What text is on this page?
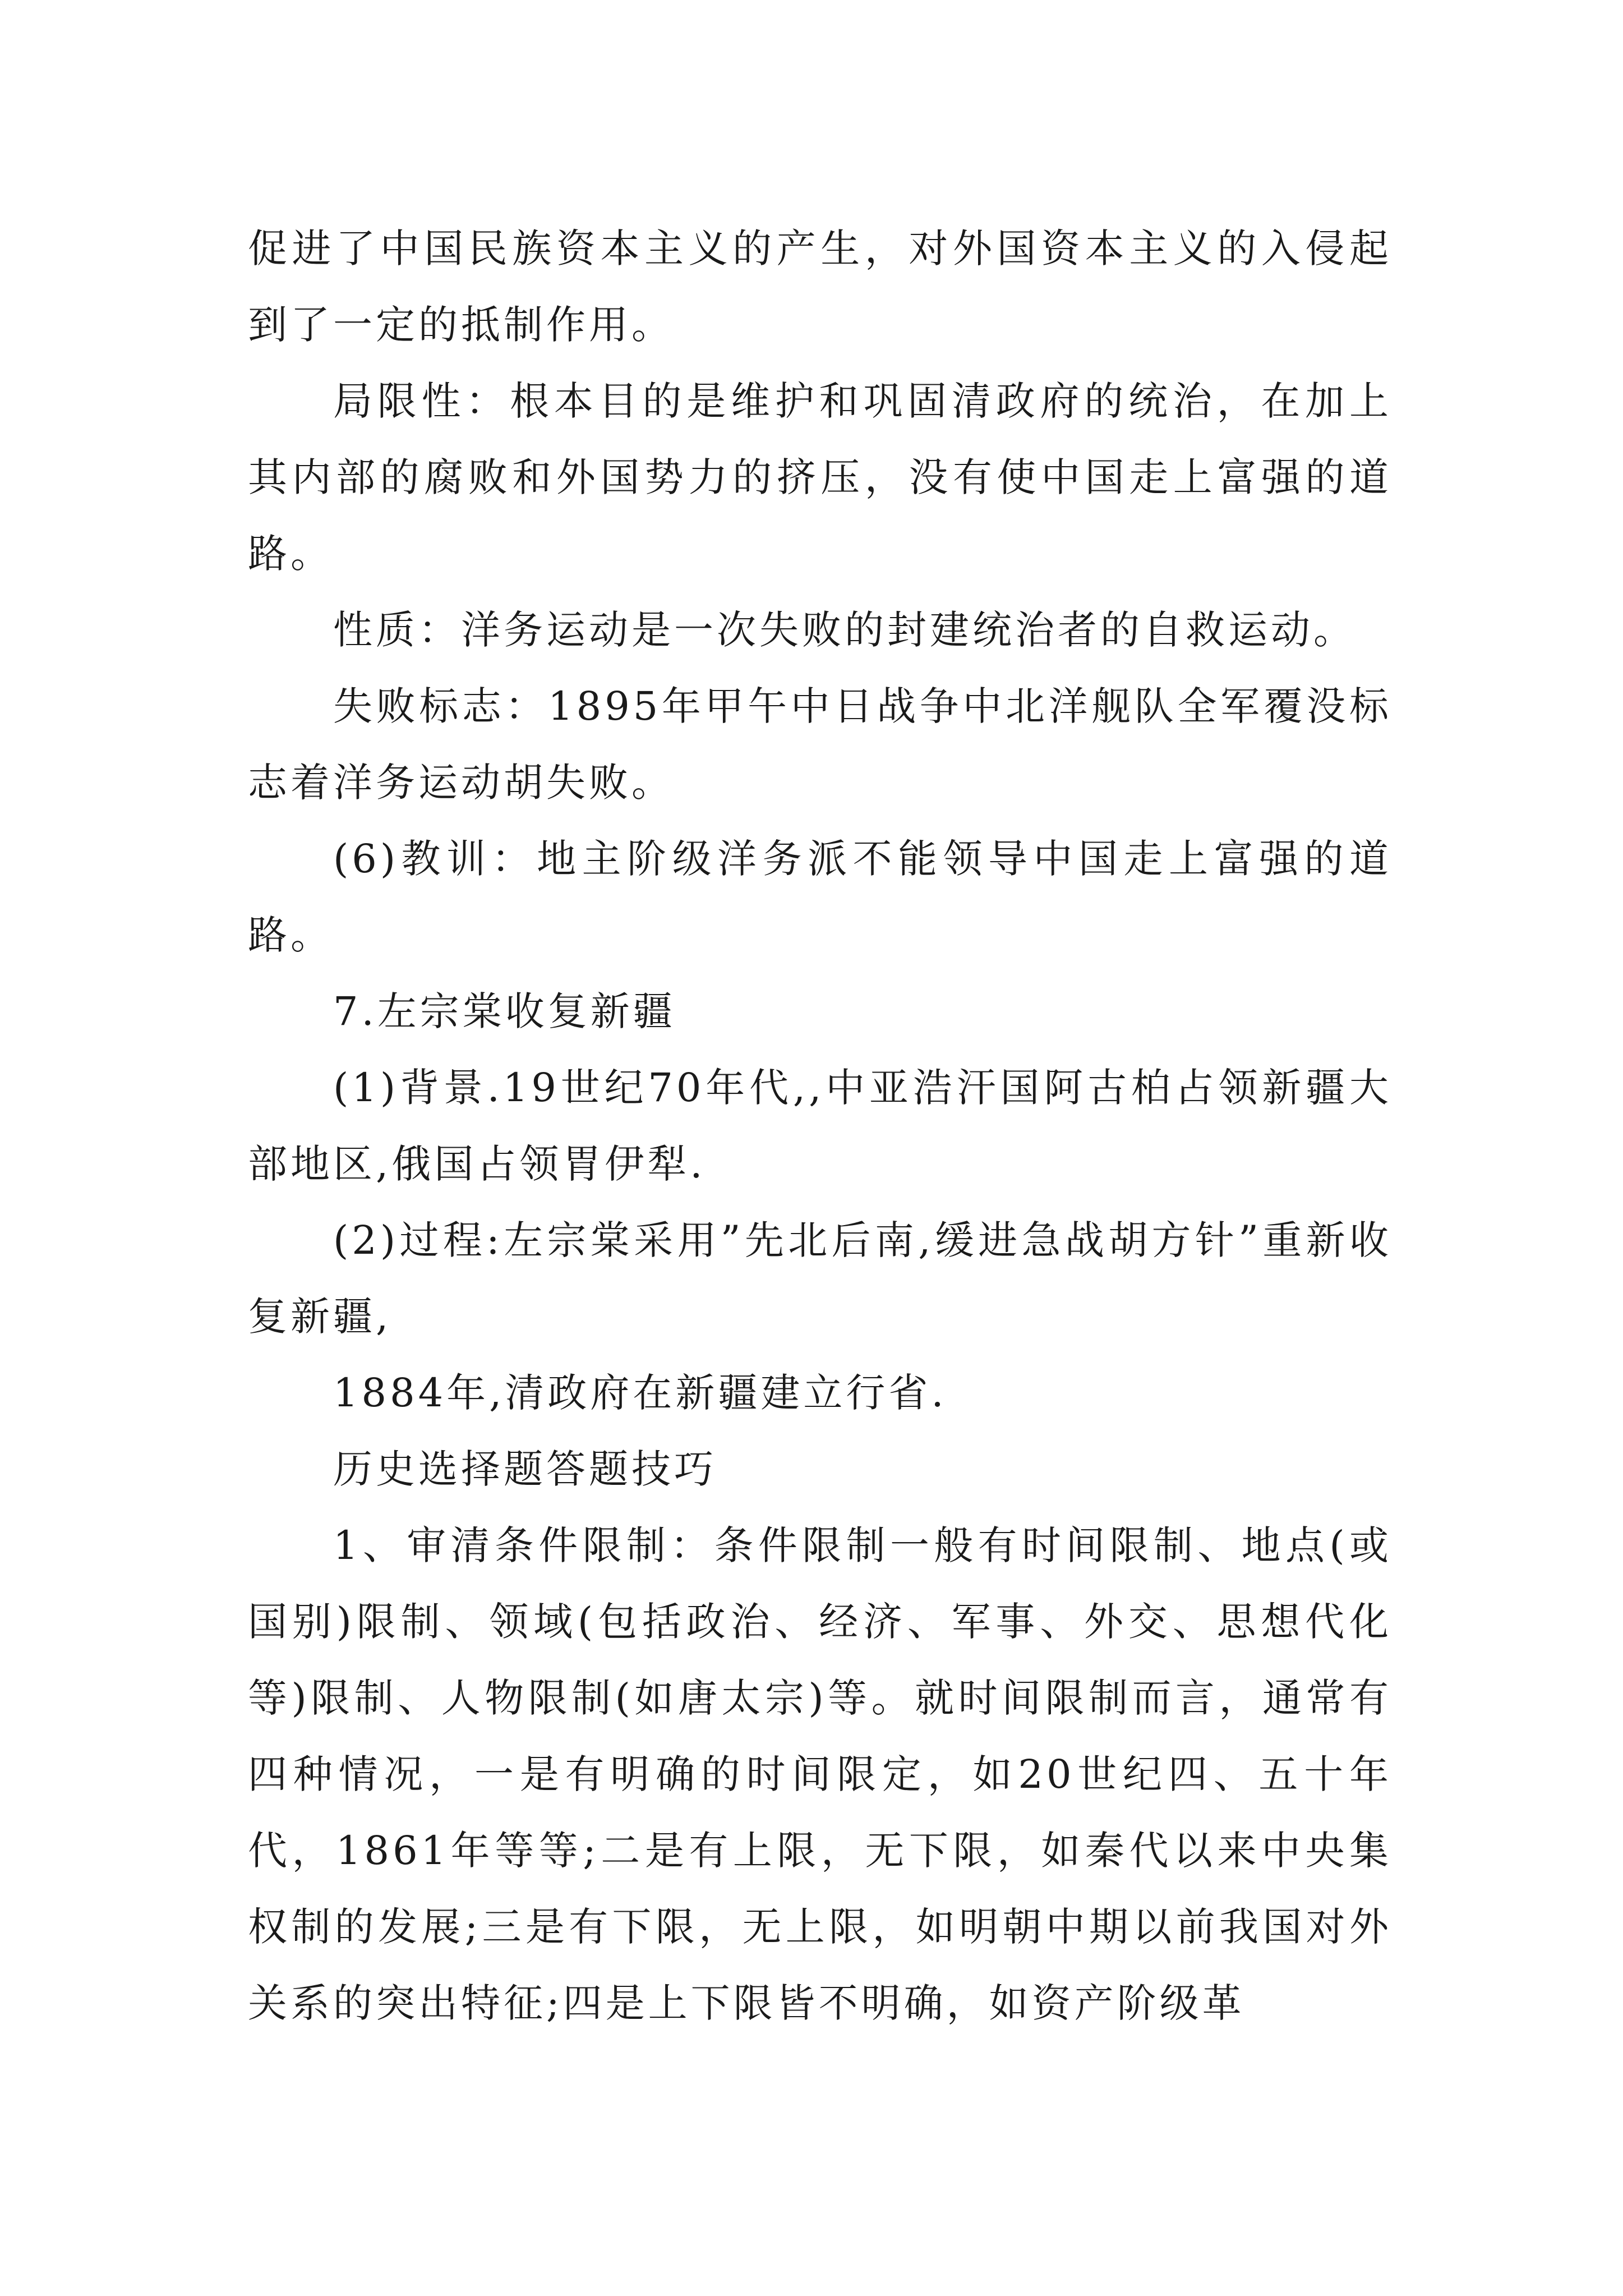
促进了中国民族资本主义的产生，对外国资本主义的入侵起到了一定的抵制作用。

局限性：根本目的是维护和巩固清政府的统治，在加上其内部的腐败和外国势力的挤压，没有使中国走上富强的道路。

性质：洋务运动是一次失败的封建统治者的自救运动。

失败标志：1895年甲午中日战争中北洋舰队全军覆没标志着洋务运动胡失败。

(6)教训：地主阶级洋务派不能领导中国走上富强的道路。

7.左宗棠收复新疆

(1)背景.19世纪70年代,,中亚浩汗国阿古柏占领新疆大部地区,俄国占领胃伊犁.

(2)过程:左宗棠采用”先北后南,缓进急战胡方针”重新收复新疆,

1884年,清政府在新疆建立行省.

历史选择题答题技巧

1、审清条件限制：条件限制一般有时间限制、地点(或国别)限制、领域(包括政治、经济、军事、外交、思想代化等)限制、人物限制(如唐太宗)等。就时间限制而言，通常有四种情况，一是有明确的时间限定，如20世纪四、五十年代，1861年等等;二是有上限，无下限，如秦代以来中央集权制的发展;三是有下限，无上限，如明朝中期以前我国对外关系的突出特征;四是上下限皆不明确，如资产阶级革
